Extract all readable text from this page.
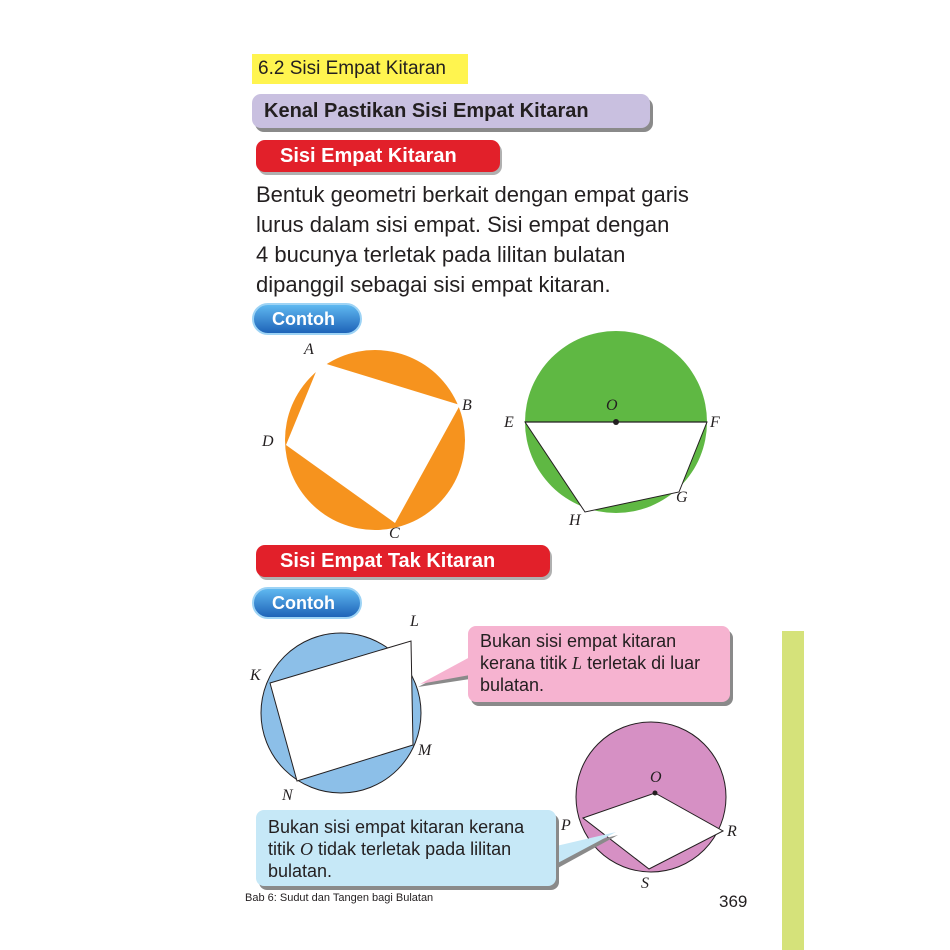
6.2 Sisi Empat Kitaran
Kenal Pastikan Sisi Empat Kitaran
Sisi Empat Kitaran
Bentuk geometri berkait dengan empat garis
lurus dalam sisi empat. Sisi empat dengan
4 bucunya terletak pada lilitan bulatan
dipanggil sebagai sisi empat kitaran.
Contoh
A
B
C
D
O
E	F
G
H
Sisi Empat Tak Kitaran
Contoh
K
L
M
N
Bukan sisi empat kitaran
kerana titik L terletak di luar
bulatan.
O
P	R
S
Bukan sisi empat kitaran kerana
titik O tidak terletak pada lilitan
bulatan.
Bab 6: Sudut dan Tangen bagi Bulatan	369
